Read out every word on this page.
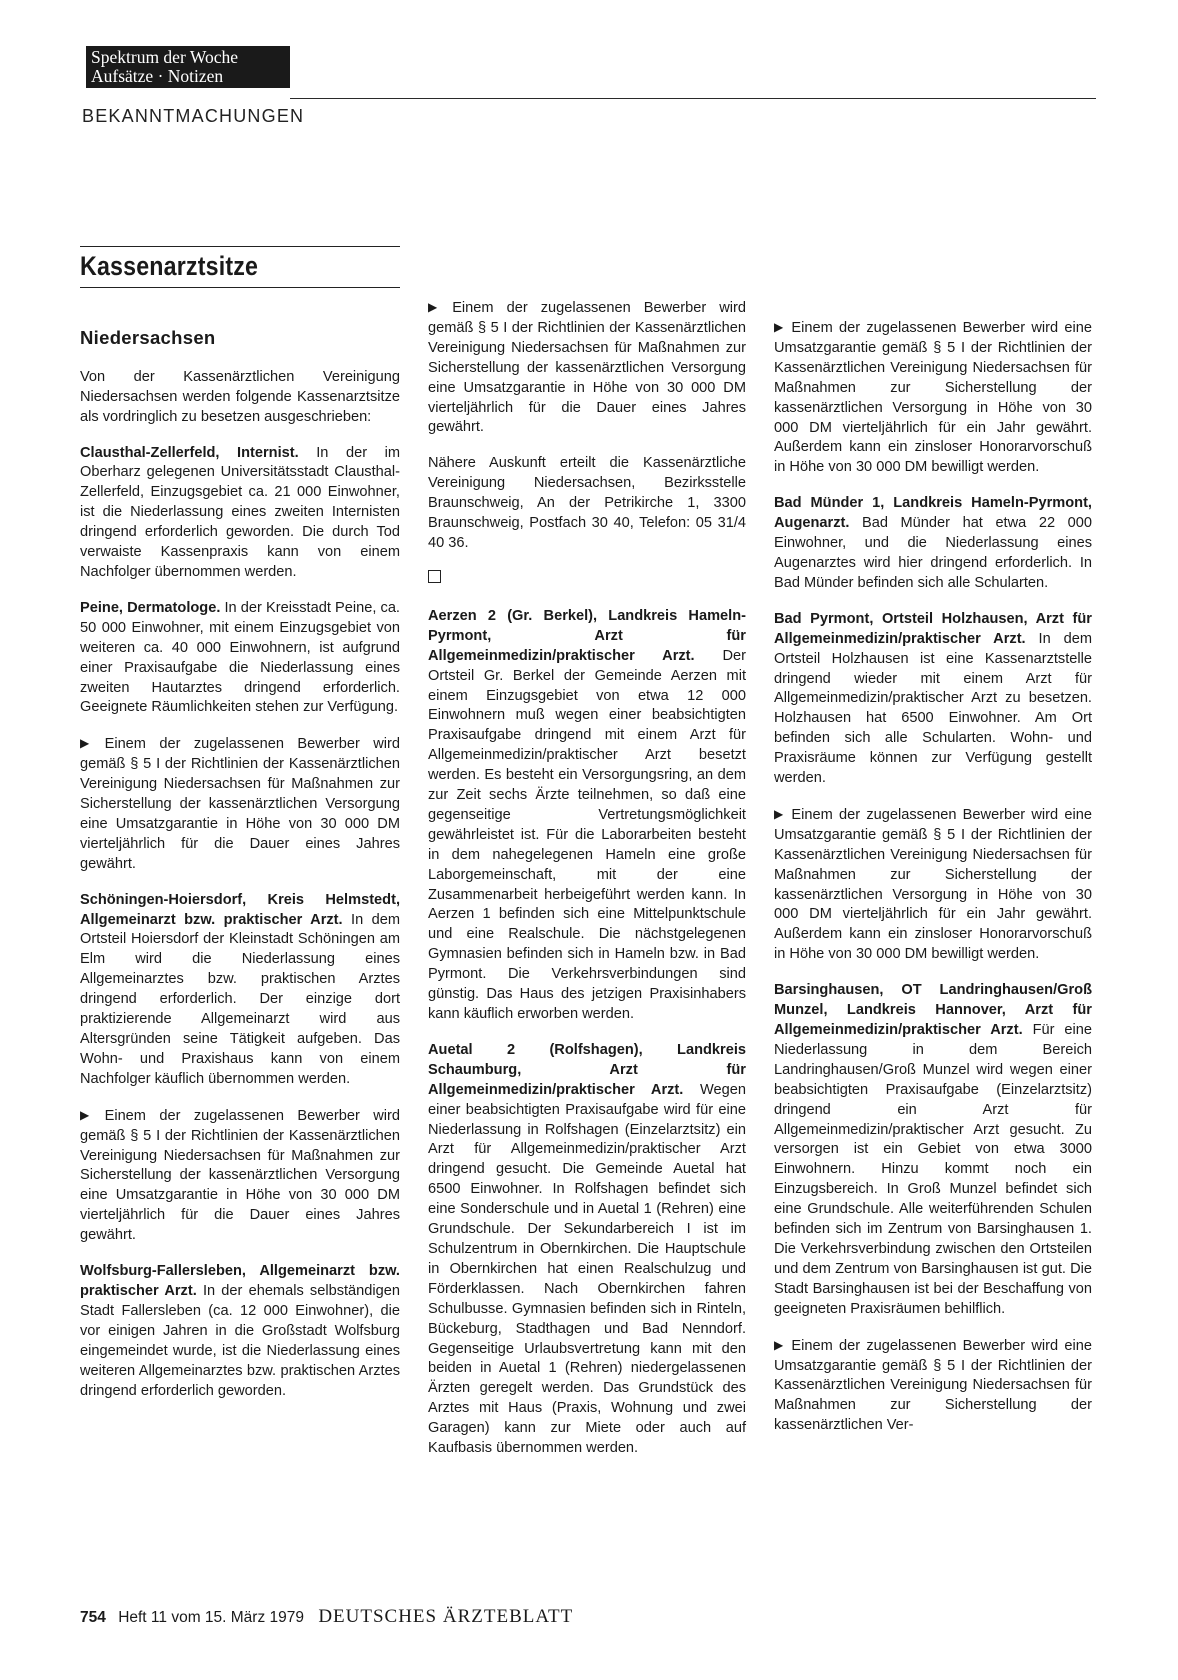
Spektrum der Woche
Aufsätze · Notizen
BEKANNTMACHUNGEN
Kassenarztsitze
Niedersachsen

Von der Kassenärztlichen Vereinigung Niedersachsen werden folgende Kassenarztsitze als vordringlich zu besetzen ausgeschrieben:

Clausthal-Zellerfeld, Internist. In der im Oberharz gelegenen Universitätsstadt Clausthal-Zellerfeld, Einzugsgebiet ca. 21 000 Einwohner, ist die Niederlassung eines zweiten Internisten dringend erforderlich geworden. Die durch Tod verwaiste Kassenpraxis kann von einem Nachfolger übernommen werden.

Peine, Dermatologe. In der Kreisstadt Peine, ca. 50 000 Einwohner, mit einem Einzugsgebiet von weiteren ca. 40 000 Einwohnern, ist aufgrund einer Praxisaufgabe die Niederlassung eines zweiten Hautarztes dringend erforderlich. Geeignete Räumlichkeiten stehen zur Verfügung.

▶ Einem der zugelassenen Bewerber wird gemäß § 5 I der Richtlinien der Kassenärztlichen Vereinigung Niedersachsen für Maßnahmen zur Sicherstellung der kassenärztlichen Versorgung eine Umsatzgarantie in Höhe von 30 000 DM vierteljährlich für die Dauer eines Jahres gewährt.

Schöningen-Hoiersdorf, Kreis Helmstedt, Allgemeinarzt bzw. praktischer Arzt. In dem Ortsteil Hoiersdorf der Kleinstadt Schöningen am Elm wird die Niederlassung eines Allgemeinarztes bzw. praktischen Arztes dringend erforderlich. Der einzige dort praktizierende Allgemeinarzt wird aus Altersgründen seine Tätigkeit aufgeben. Das Wohn- und Praxishaus kann von einem Nachfolger käuflich übernommen werden.

▶ Einem der zugelassenen Bewerber wird gemäß § 5 I der Richtlinien der Kassenärztlichen Vereinigung Niedersachsen für Maßnahmen zur Sicherstellung der kassenärztlichen Versorgung eine Umsatzgarantie in Höhe von 30 000 DM vierteljährlich für die Dauer eines Jahres gewährt.

Wolfsburg-Fallersleben, Allgemeinarzt bzw. praktischer Arzt. In der ehemals selbständigen Stadt Fallersleben (ca. 12 000 Einwohner), die vor einigen Jahren in die Großstadt Wolfsburg eingemeindet wurde, ist die Niederlassung eines weiteren Allgemeinarztes bzw. praktischen Arztes dringend erforderlich geworden.

▶ Einem der zugelassenen Bewerber wird gemäß § 5 I der Richtlinien der Kassenärztlichen Vereinigung Niedersachsen für Maßnahmen zur Sicherstellung der kassenärztlichen Versorgung eine Umsatzgarantie in Höhe von 30 000 DM vierteljährlich für die Dauer eines Jahres gewährt.

Nähere Auskunft erteilt die Kassenärztliche Vereinigung Niedersachsen, Bezirksstelle Braunschweig, An der Petrikirche 1, 3300 Braunschweig, Postfach 30 40, Telefon: 05 31/4 40 36.

Aerzen 2 (Gr. Berkel), Landkreis Hameln-Pyrmont, Arzt für Allgemeinmedizin/praktischer Arzt. Der Ortsteil Gr. Berkel der Gemeinde Aerzen mit einem Einzugsgebiet von etwa 12 000 Einwohnern muß wegen einer beabsichtigten Praxisaufgabe dringend mit einem Arzt für Allgemeinmedizin/praktischer Arzt besetzt werden. Es besteht ein Versorgungsring, an dem zur Zeit sechs Ärzte teilnehmen, so daß eine gegenseitige Vertretungsmöglichkeit gewährleistet ist. Für die Laborarbeiten besteht in dem nahegelegenen Hameln eine große Laborgemeinschaft, mit der eine Zusammenarbeit herbeigeführt werden kann. In Aerzen 1 befinden sich eine Mittelpunktschule und eine Realschule. Die nächstgelegenen Gymnasien befinden sich in Hameln bzw. in Bad Pyrmont. Die Verkehrsverbindungen sind günstig. Das Haus des jetzigen Praxisinhabers kann käuflich erworben werden.

Auetal 2 (Rolfshagen), Landkreis Schaumburg, Arzt für Allgemeinmedizin/praktischer Arzt. Wegen einer beabsichtigten Praxisaufgabe wird für eine Niederlassung in Rolfshagen (Einzelarztsitz) ein Arzt für Allgemeinmedizin/praktischer Arzt dringend gesucht. Die Gemeinde Auetal hat 6500 Einwohner. In Rolfshagen befindet sich eine Sonderschule und in Auetal 1 (Rehren) eine Grundschule. Der Sekundarbereich I ist im Schulzentrum in Obernkirchen. Die Hauptschule in Obernkirchen hat einen Realschulzug und Förderklassen. Nach Obernkirchen fahren Schulbusse. Gymnasien befinden sich in Rinteln, Bückeburg, Stadthagen und Bad Nenndorf. Gegenseitige Urlaubsvertretung kann mit den beiden in Auetal 1 (Rehren) niedergelassenen Ärzten geregelt werden. Das Grundstück des Arztes mit Haus (Praxis, Wohnung und zwei Garagen) kann zur Miete oder auch auf Kaufbasis übernommen werden.

▶ Einem der zugelassenen Bewerber wird eine Umsatzgarantie gemäß § 5 I der Richtlinien der Kassenärztlichen Vereinigung Niedersachsen für Maßnahmen zur Sicherstellung der kassenärztlichen Versorgung in Höhe von 30 000 DM vierteljährlich für ein Jahr gewährt. Außerdem kann ein zinsloser Honorarvorschuß in Höhe von 30 000 DM bewilligt werden.

Bad Münder 1, Landkreis Hameln-Pyrmont, Augenarzt. Bad Münder hat etwa 22 000 Einwohner, und die Niederlassung eines Augenarztes wird hier dringend erforderlich. In Bad Münder befinden sich alle Schularten.

Bad Pyrmont, Ortsteil Holzhausen, Arzt für Allgemeinmedizin/praktischer Arzt. In dem Ortsteil Holzhausen ist eine Kassenarztstelle dringend wieder mit einem Arzt für Allgemeinmedizin/praktischer Arzt zu besetzen. Holzhausen hat 6500 Einwohner. Am Ort befinden sich alle Schularten. Wohn- und Praxisräume können zur Verfügung gestellt werden.

▶ Einem der zugelassenen Bewerber wird eine Umsatzgarantie gemäß § 5 I der Richtlinien der Kassenärztlichen Vereinigung Niedersachsen für Maßnahmen zur Sicherstellung der kassenärztlichen Versorgung in Höhe von 30 000 DM vierteljährlich für ein Jahr gewährt. Außerdem kann ein zinsloser Honorarvorschuß in Höhe von 30 000 DM bewilligt werden.

Barsinghausen, OT Landringhausen/Groß Munzel, Landkreis Hannover, Arzt für Allgemeinmedizin/praktischer Arzt. Für eine Niederlassung in dem Bereich Landringhausen/Groß Munzel wird wegen einer beabsichtigten Praxisaufgabe (Einzelarztsitz) dringend ein Arzt für Allgemeinmedizin/praktischer Arzt gesucht. Zu versorgen ist ein Gebiet von etwa 3000 Einwohnern. Hinzu kommt noch ein Einzugsbereich. In Groß Munzel befindet sich eine Grundschule. Alle weiterführenden Schulen befinden sich im Zentrum von Barsinghausen 1. Die Verkehrsverbindung zwischen den Ortsteilen und dem Zentrum von Barsinghausen ist gut. Die Stadt Barsinghausen ist bei der Beschaffung von geeigneten Praxisräumen behilflich.

▶ Einem der zugelassenen Bewerber wird eine Umsatzgarantie gemäß § 5 I der Richtlinien der Kassenärztlichen Vereinigung Niedersachsen für Maßnahmen zur Sicherstellung der kassenärztlichen Ver-

754 Heft 11 vom 15. März 1979 DEUTSCHES ÄRZTEBLATT
